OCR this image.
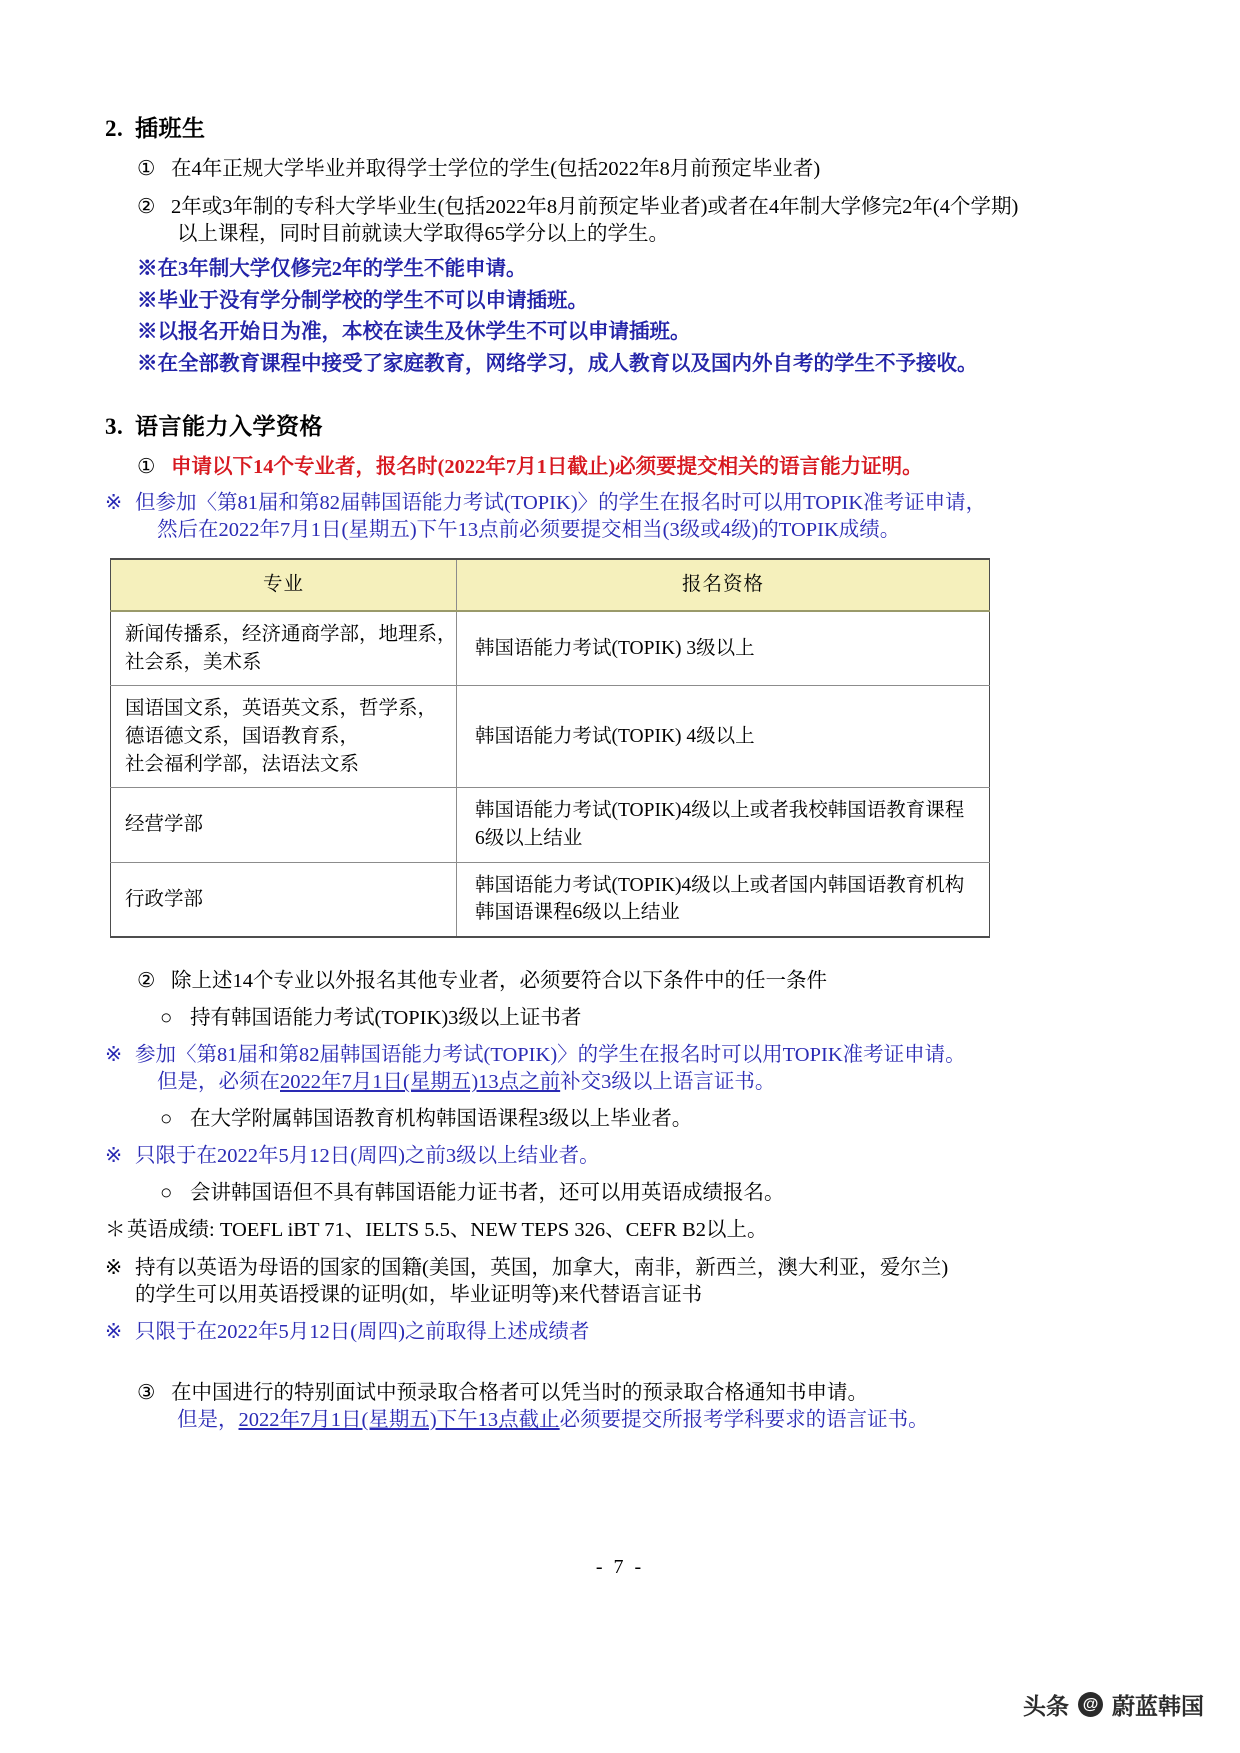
2. 插班生
① 在4年正规大学毕业并取得学士学位的学生(包括2022年8月前预定毕业者)
② 2年或3年制的专科大学毕业生(包括2022年8月前预定毕业者)或者在4年制大学修完2年(4个学期)
以上课程，同时目前就读大学取得65学分以上的学生。
※在3年制大学仅修完2年的学生不能申请。
※毕业于没有学分制学校的学生不可以申请插班。
※以报名开始日为准，本校在读生及休学生不可以申请插班。
※在全部教育课程中接受了家庭教育，网络学习，成人教育以及国内外自考的学生不予接收。
3. 语言能力入学资格
① 申请以下14个专业者，报名时(2022年7月1日截止)必须要提交相关的语言能力证明。
※ 但参加〈第81届和第82届韩国语能力考试(TOPIK)〉的学生在报名时可以用TOPIK准考证申请，
然后在2022年7月1日(星期五)下午13点前必须要提交相当(3级或4级)的TOPIK成绩。
专业	报名资格

新闻传播系，经济通商学部，地理系，
社会系，美术系	韩国语能力考试(TOPIK) 3级以上

国语国文系，英语英文系，哲学系，
德语德文系，国语教育系，
社会福利学部，法语法文系	韩国语能力考试(TOPIK) 4级以上

经营学部	韩国语能力考试(TOPIK)4级以上或者我校韩国语教育课程
6级以上结业

行政学部	韩国语能力考试(TOPIK)4级以上或者国内韩国语教育机构
韩国语课程6级以上结业
② 除上述14个专业以外报名其他专业者，必须要符合以下条件中的任一条件
○ 持有韩国语能力考试(TOPIK)3级以上证书者
※ 参加〈第81届和第82届韩国语能力考试(TOPIK)〉的学生在报名时可以用TOPIK准考证申请。
但是，必须在2022年7月1日(星期五)13点之前补交3级以上语言证书。
○ 在大学附属韩国语教育机构韩国语课程3级以上毕业者。
※ 只限于在2022年5月12日(周四)之前3级以上结业者。
○ 会讲韩国语但不具有韩国语能力证书者，还可以用英语成绩报名。
＊ 英语成绩: TOEFL iBT 71、IELTS 5.5、NEW TEPS 326、CEFR B2以上。
※ 持有以英语为母语的国家的国籍(美国，英国，加拿大，南非，新西兰，澳大利亚，爱尔兰)
的学生可以用英语授课的证明(如，毕业证明等)来代替语言证书
※ 只限于在2022年5月12日(周四)之前取得上述成绩者
③ 在中国进行的特别面试中预录取合格者可以凭当时的预录取合格通知书申请。
但是，2022年7月1日(星期五)下午13点截止必须要提交所报考学科要求的语言证书。
- 7 -
头条 @ 蔚蓝韩国
